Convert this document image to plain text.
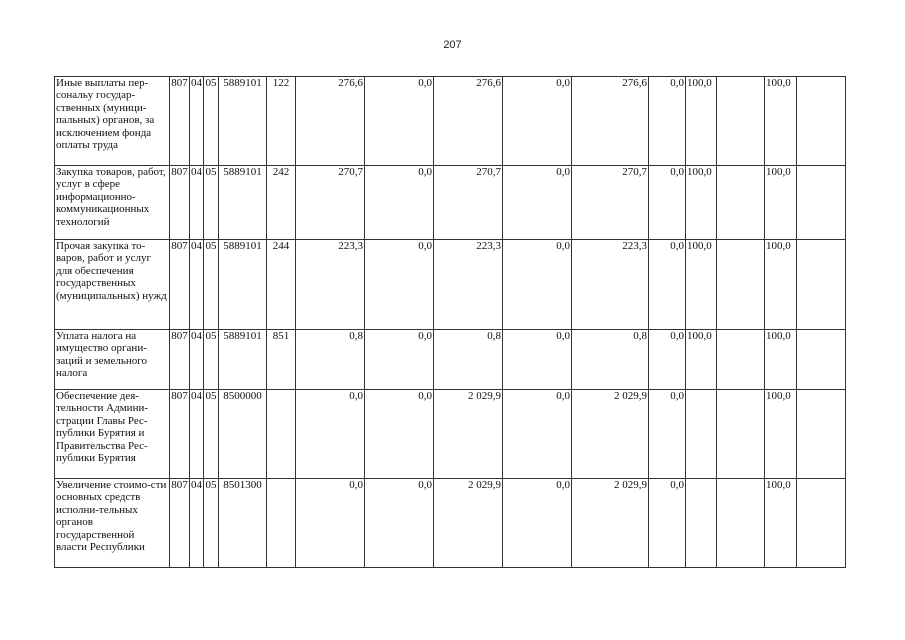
207
Иные выплаты пер-сональу государ-ственных (муници-пальных) органов, за исключением фонда оплаты труда	807	04	05	5889101	122	276,6	0,0	276,6	0,0	276,6	0,0	100,0		100,0	
Закупка товаров, работ, услуг в сфере информационно-коммуникационных технологий	807	04	05	5889101	242	270,7	0,0	270,7	0,0	270,7	0,0	100,0		100,0	
Прочая закупка то-варов, работ и услуг для обеспечения государственных (муниципальных) нужд	807	04	05	5889101	244	223,3	0,0	223,3	0,0	223,3	0,0	100,0		100,0	
Уплата налога на имущество органи-заций и земельного налога	807	04	05	5889101	851	0,8	0,0	0,8	0,0	0,8	0,0	100,0		100,0	
Обеспечение дея-тельности Админи-страции Главы Рес-публики Бурятия и Правительства Рес-публики Бурятия	807	04	05	8500000		0,0	0,0	2 029,9	0,0	2 029,9	0,0			100,0	
Увеличение стоимо-сти основных средств исполни-тельных органов государственной власти Республики	807	04	05	8501300		0,0	0,0	2 029,9	0,0	2 029,9	0,0			100,0	
